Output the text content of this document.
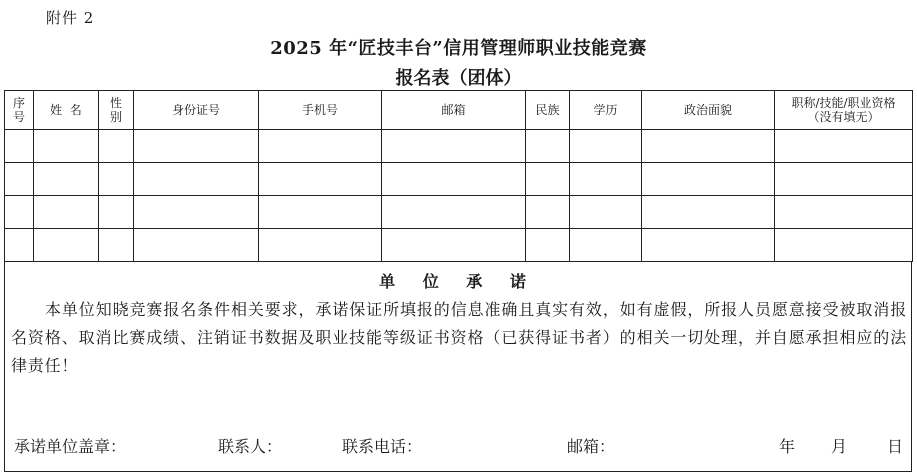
附件 2
2025 年“匠技丰台”信用管理师职业技能竞赛
报名表（团体）
序号	姓  名	性别	身份证号	手机号	邮箱	民族	学历	政治面貌	职称/技能/职业资格（没有填无）

单 位 承 诺
本单位知晓竞赛报名条件相关要求，承诺保证所填报的信息准确且真实有效，如有虚假，所报人员愿意接受被取消报名资格、取消比赛成绩、注销证书数据及职业技能等级证书资格（已获得证书者）的相关一切处理，并自愿承担相应的法律责任！
承诺单位盖章：	联系人：	联系电话：	邮箱：	年 月 日
